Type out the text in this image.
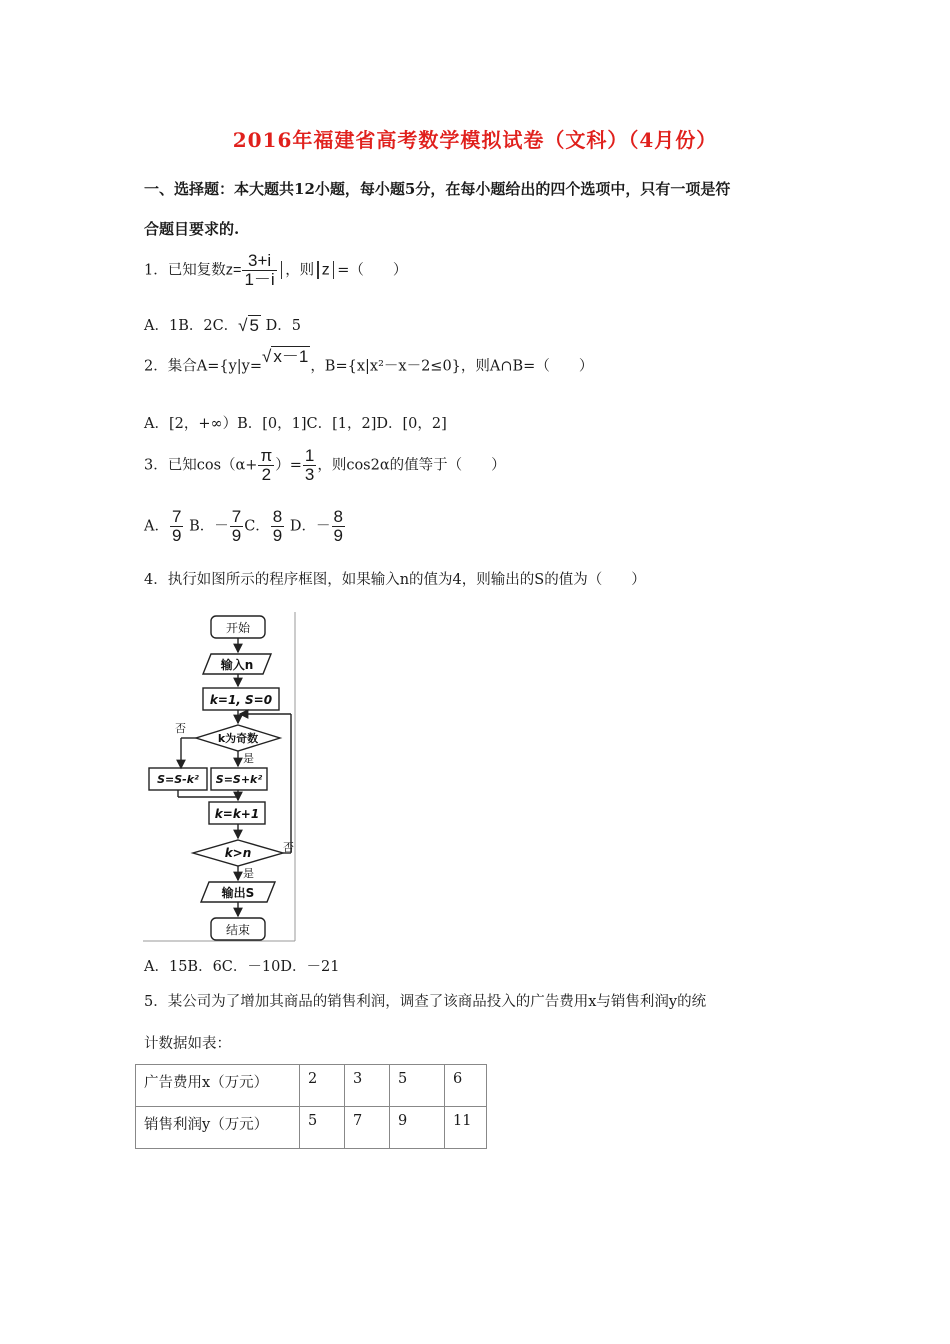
2016年福建省高考数学模拟试卷（文科）（4月份）
一、选择题：本大题共12小题，每小题5分，在每小题给出的四个选项中，只有一项是符
合题目要求的.
1．已知复数$z= \frac{3+i}{1-i}$ ，则 z =（　　）
A．1B．2C．√ 5 D．5
2．集合A={y|y=√ x－1，B={x|x²－x－2≤0}，则A∩B=（　　）
A．[2，+∞）B．[0，1]C．[1，2]D．[0，2]
3．已知$\cos(\alpha+ \frac{\pi}{2}$ ）= $\frac{1}{3}$ ，则cos2α的值等于（　　）
A． $\frac{7}{9}$ B．－ $\frac{7}{9}$ C． $\frac{8}{9}$ D．－ $\frac{8}{9}$
4．执行如图所示的程序框图，如果输入n的值为4，则输出的S的值为（　　）
开始
输入n
k=1, S=0
k为奇数
否
是
S=S-k² S=S+k²
k=k+1
k>n	否
是
输出S
结束
A．15B．6C．－10D．－21
5．某公司为了增加其商品的销售利润，调查了该商品投入的广告费用x与销售利润y的统
计数据如表：
广告费用x（万元）	2	3	5	6
销售利润y（万元）	5	7	9	11
